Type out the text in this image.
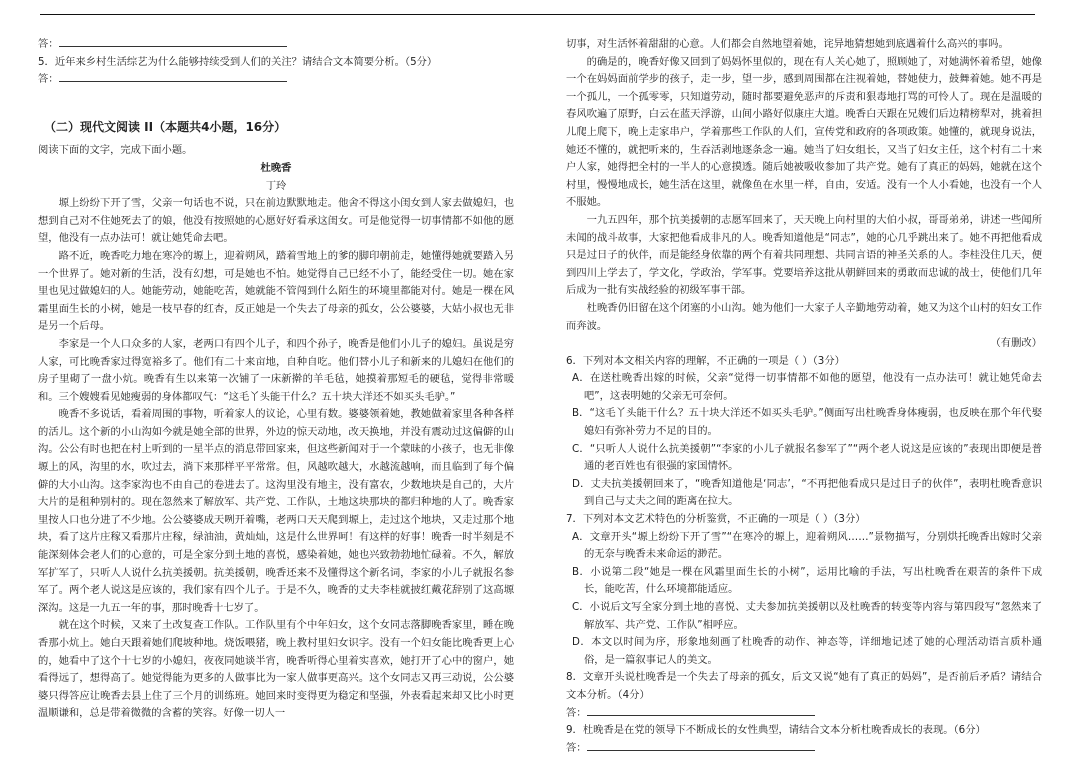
答：

5．近年来乡村生活综艺为什么能够持续受到人们的关注？请结合文本简要分析。（5分）

答：

（二）现代文阅读 II（本题共4小题，16分）

阅读下面的文字，完成下面小题。

杜晚香

丁玲

塬上纷纷下开了雪，父亲一句话也不说，只在前边默默地走。他舍不得这小闺女到人家去做媳妇，也想到自己对不住她死去了的娘，他没有按照她的心愿好好看承这闺女。可是他觉得一切事情都不如他的愿望，他没有一点办法可！就让她凭命去吧。

路不近，晚香吃力地在寒冷的塬上，迎着朔风，踏着雪地上的爹的脚印朝前走，她懂得她就要踏入另一个世界了。她对新的生活，没有幻想，可是她也不怕。她觉得自己已经不小了，能经受住一切。她在家里也见过做媳妇的人。她能劳动，她能吃苦，她就能不管闯到什么陌生的环境里都能对付。她是一棵在风霜里面生长的小树，她是一枝早春的红杏，反正她是一个失去了母亲的孤女，公公婆婆，大姑小叔也无非是另一个后母。

李家是一个人口众多的人家，老两口有四个儿子，和四个孙子，晚香是他们小儿子的媳妇。虽说是穷人家，可比晚香家过得宽裕多了。他们有二十来亩地，自种自吃。他们替小儿子和新来的儿媳妇在他们的房子里砌了一盘小炕。晚香有生以来第一次铺了一床新擀的羊毛毡，她摸着那短毛的硬毡，觉得非常暖和。三个嫂嫂看见她瘦弱的身体都叹气：“这毛丫头能干什么？五十块大洋还不如买头毛驴。”

晚香不多说话，看着周围的事物，听着家人的议论，心里有数。婆婆领着她，教她做着家里各种各样的活儿。这个新的小山沟如今就是她全部的世界，外边的惊天动地，改天换地，并没有震动过这偏僻的山沟。公公有时也把在村上听到的一星半点的消息带回家来，但这些新闻对于一个蒙昧的小孩子，也无非像塬上的风，沟里的水，吹过去，淌下来那样平平常常。但，风越吹越大，水越流越响，而且临到了每个偏僻的大小山沟。这李家沟也不由自己的卷进去了。这沟里没有地主，没有富农，少数地块是自己的，大片大片的是租种别村的。现在忽然来了解放军、共产党、工作队，土地这块那块的都归种地的人了。晚香家里按人口也分进了不少地。公公婆婆成天咧开着嘴，老两口天天爬到塬上，走过这个地块，又走过那个地块，看了这片庄稼又看那片庄稼，绿油油，黄灿灿，这是什么世界呵！有这样的好事！晚香一时半刻是不能深刻体会老人们的心意的，可是全家分到土地的喜悦，感染着她，她也兴致勃勃地忙碌着。不久，解放军扩军了，只听人人说什么抗美援朝。抗美援朝，晚香还来不及懂得这个新名词，李家的小儿子就报名参军了。两个老人说这是应该的，我们家有四个儿子。于是不久，晚香的丈夫李桂就披红戴花辞别了这高塬深沟。这是一九五一年的事，那时晚香十七岁了。

就在这个时候，又来了土改复查工作队。工作队里有个中年妇女，这个女同志落脚晚香家里，睡在晚香那小炕上。她白天跟着她们爬坡种地。烧饭喂猪，晚上教村里妇女识字。没有一个妇女能比晚香更上心的，她看中了这个十七岁的小媳妇，夜夜同她谈半宵，晚香听得心里着实喜欢，她打开了心中的窗户，她看得远了，想得高了。她觉得能为更多的人做事比为一家人做事更高兴。这个女同志又再三动说，公公婆婆只得答应让晚香去县上住了三个月的训练班。她回来时变得更为稳定和坚强，外表看起来却又比小时更温顺谦和，总是带着微微的含蓄的笑容。好像一切人一

切事，对生活怀着甜甜的心意。人们都会自然地望着她，诧异地猜想她到底遇着什么高兴的事吗。

的确是的，晚香好像又回到了妈妈怀里似的，现在有人关心她了，照顾她了，对她满怀着希望，她像一个在妈妈面前学步的孩子，走一步，望一步，感到周围都在注视着她，替她使力，鼓舞着她。她不再是一个孤儿，一个孤零零，只知道劳动，随时都要避免恶声的斥责和狠毒地打骂的可怜人了。现在是温暖的春风吹遍了原野，白云在蓝天浮游，山间小路好似康庄大道。晚香白天跟在兄嫂们后边精榜犁对，挑着担儿爬上爬下，晚上走家串户，学着那些工作队的人们，宣传党和政府的各项政策。她懂的，就现身说法，她还不懂的，就把听来的，生吞活剥地逐条念一遍。她当了妇女组长，又当了妇女主任，这个村有二十来户人家，她得把全村的一半人的心意摸透。随后她被吸收参加了共产党。她有了真正的妈妈，她就在这个村里，慢慢地成长，她生活在这里，就像鱼在水里一样，自由，安适。没有一个人小看她，也没有一个人不服她。

一九五四年，那个抗美援朝的志愿军回来了，天天晚上向村里的大伯小叔，哥哥弟弟，讲述一些闻所未闻的战斗故事，大家把他看成非凡的人。晚香知道他是“同志”，她的心几乎跳出来了。她不再把他看成只是过日子的伙伴，而是能经身依靠的两个有着共同理想、共同言语的神圣关系的人。李桂没住几天，便到四川上学去了，学文化，学政治，学军事。党要培养这批从朝鲜回来的勇敢而忠诚的战士，使他们几年后成为一批有实战经验的初级军事干部。

杜晚香仍旧留在这个闭塞的小山沟。她为他们一大家子人辛勤地劳动着，她又为这个山村的妇女工作而奔波。

（有删改）

6．下列对本文相关内容的理解，不正确的一项是（ ）（3分）

A．在送杜晚香出嫁的时候，父亲“觉得一切事情都不如他的愿望，他没有一点办法可！就让她凭命去吧”，这表明她的父亲无可奈何。

B．“这毛丫头能干什么？五十块大洋还不如买头毛驴。”侧面写出杜晚香身体瘦弱，也反映在那个年代娶媳妇有弥补劳力不足的目的。

C．“只听人人说什么抗美援朝”“李家的小儿子就报名参军了”“两个老人说这是应该的”表现出即便是普通的老百姓也有很强的家国情怀。

D．丈夫抗美援朝回来了，“晚香知道他是‘同志’，“不再把他看成只是过日子的伙伴”，表明杜晚香意识到自己与丈夫之间的距离在拉大。

7．下列对本文艺术特色的分析鉴赏，不正确的一项是（ ）（3分）

A．文章开头“塬上纷纷下开了雪”“在寒冷的塬上，迎着朔风……”景物描写，分别烘托晚香出嫁时父亲的无奈与晚香未来命运的渺茫。

B．小说第二段“她是一棵在风霜里面生长的小树”，运用比喻的手法，写出杜晚香在艰苦的条件下成长，能吃苦，什么环境都能适应。

C．小说后文写全家分到土地的喜悦、丈夫参加抗美援朝以及杜晚香的转变等内容与第四段写“忽然来了解放军、共产党、工作队”相呼应。

D．本文以时间为序，形象地刻画了杜晚香的动作、神态等，详细地记述了她的心理活动语言质朴通俗，是一篇叙事记人的美文。

8．文章开头说杜晚香是一个失去了母亲的孤女，后文又说“她有了真正的妈妈”，是否前后矛盾？请结合文本分析。（4分）

答：

9．杜晚香是在党的领导下不断成长的女性典型，请结合文本分析杜晚香成长的表现。（6分）

答：
